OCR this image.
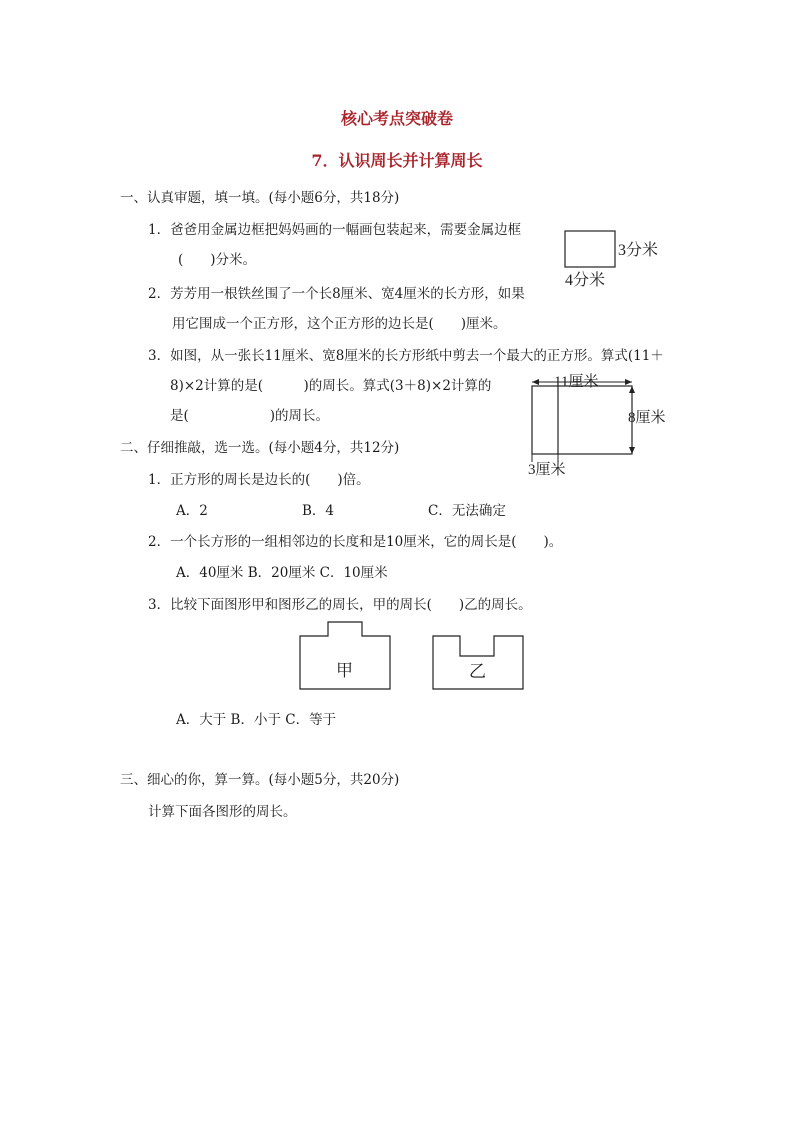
核心考点突破卷
7．认识周长并计算周长
一、认真审题，填一填。(每小题6分，共18分)
1．爸爸用金属边框把妈妈画的一幅画包装起来，需要金属边框
(　　)分米。
3分米
4分米
2．芳芳用一根铁丝围了一个长8厘米、宽4厘米的长方形，如果
用它围成一个正方形，这个正方形的边长是(　　)厘米。
3．如图，从一张长11厘米、宽8厘米的长方形纸中剪去一个最大的正方形。算式(11＋
8)×2计算的是(　　　)的周长。算式(3＋8)×2计算的
是(　　　　　　)的周长。
11厘米
8厘米
3厘米
二、仔细推敲，选一选。(每小题4分，共12分)
1．正方形的周长是边长的(　　)倍。
A．2	B．4	C．无法确定
2．一个长方形的一组相邻边的长度和是10厘米，它的周长是(　　)。
A．40厘米 B．20厘米 C．10厘米
3．比较下面图形甲和图形乙的周长，甲的周长(　　)乙的周长。
甲	乙
A．大于 B．小于 C．等于
三、细心的你，算一算。(每小题5分，共20分)
计算下面各图形的周长。
